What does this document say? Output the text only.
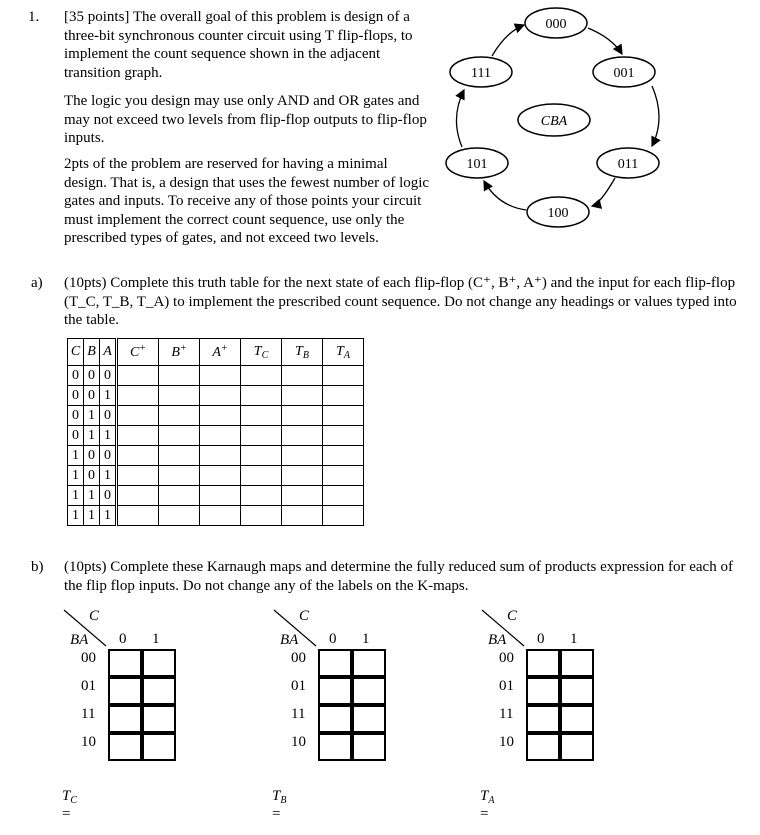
1. [35 points] The overall goal of this problem is design of a three-bit synchronous counter circuit using T flip-flops, to implement the count sequence shown in the adjacent transition graph.

The logic you design may use only AND and OR gates and may not exceed two levels from flip-flop outputs to flip-flop inputs.

2pts of the problem are reserved for having a minimal design. That is, a design that uses the fewest number of logic gates and inputs. To receive any of those points your circuit must implement the correct count sequence, use only the prescribed types of gates, and not exceed two levels.

000
001
011
100
101
111
CBA
a) (10pts) Complete this truth table for the next state of each flip-flop (C⁺, B⁺, A⁺) and the input for each flip-flop (T_C, T_B, T_A) to implement the prescribed count sequence. Do not change any headings or values typed into the table.

C	B	A	C+	B+	A+	$T_C$	$T_B$	$T_A$
0	0	0						
0	0	1						
0	1	0						
0	1	1						
1	0	0						
1	0	1						
1	1	0						
1	1	1						
b) (10pts) Complete these Karnaugh maps and determine the fully reduced sum of products expression for each of the flip flop inputs. Do not change any of the labels on the K-maps.

C
BA 0 1
00
01
11
10
$T_C$ =
C
BA 0 1
00
01
11
10
$T_B$ =
C
BA 0 1
00
01
11
10
$T_A$ =
